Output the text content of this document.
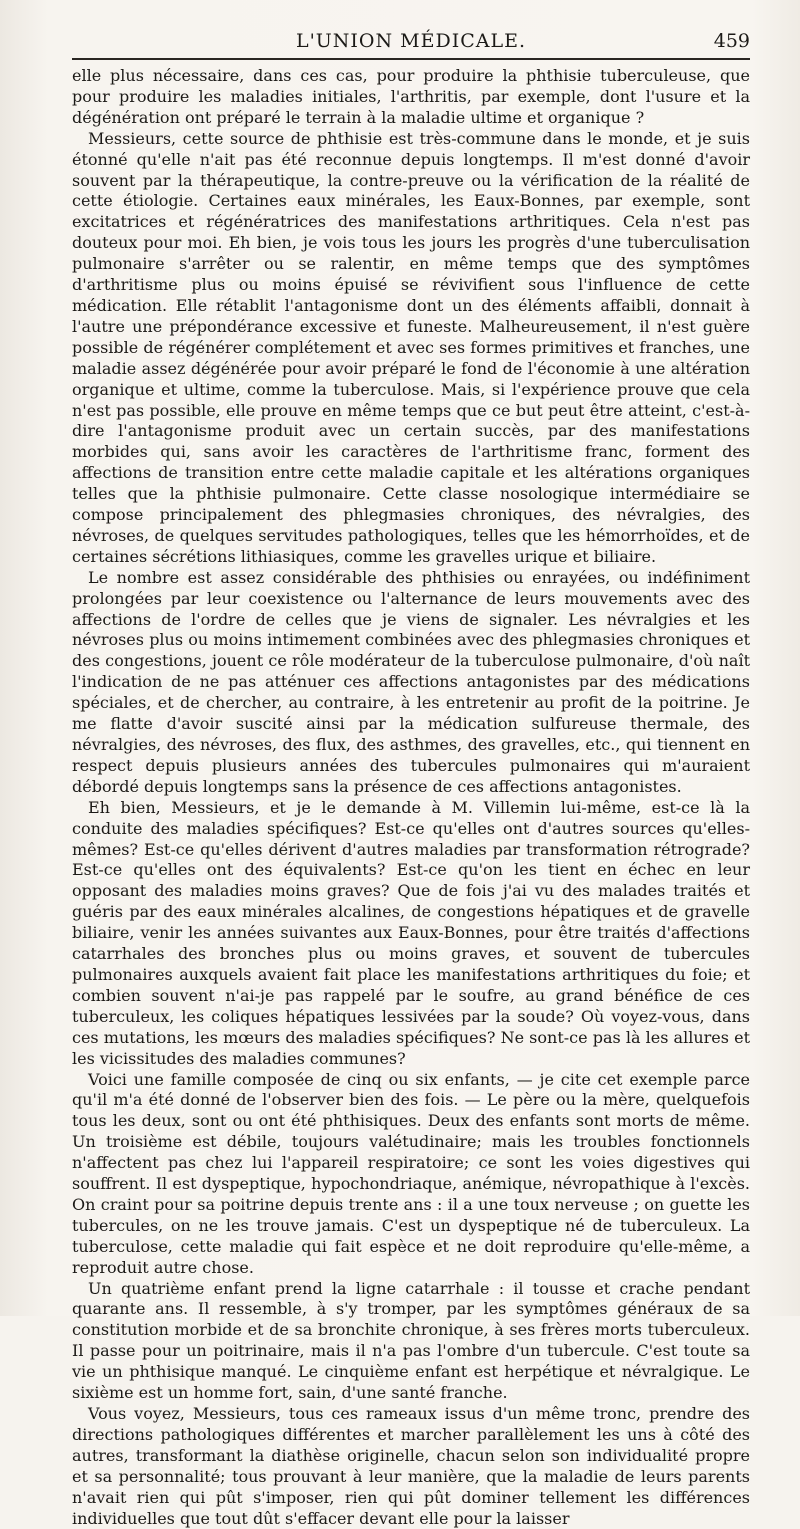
L'UNION MÉDICALE.	459

elle plus nécessaire, dans ces cas, pour produire la phthisie tuberculeuse, que pour produire les maladies initiales, l'arthritis, par exemple, dont l'usure et la dégénération ont préparé le terrain à la maladie ultime et organique ?

Messieurs, cette source de phthisie est très-commune dans le monde, et je suis étonné qu'elle n'ait pas été reconnue depuis longtemps. Il m'est donné d'avoir souvent par la thérapeutique, la contre-preuve ou la vérification de la réalité de cette étiologie. Certaines eaux minérales, les Eaux-Bonnes, par exemple, sont excitatrices et régénératrices des manifestations arthritiques. Cela n'est pas douteux pour moi. Eh bien, je vois tous les jours les progrès d'une tuberculisation pulmonaire s'arrêter ou se ralentir, en même temps que des symptômes d'arthritisme plus ou moins épuisé se révivifient sous l'influence de cette médication. Elle rétablit l'antagonisme dont un des éléments affaibli, donnait à l'autre une prépondérance excessive et funeste. Malheureusement, il n'est guère possible de régénérer complétement et avec ses formes primitives et franches, une maladie assez dégénérée pour avoir préparé le fond de l'économie à une altération organique et ultime, comme la tuberculose. Mais, si l'expérience prouve que cela n'est pas possible, elle prouve en même temps que ce but peut être atteint, c'est-à-dire l'antagonisme produit avec un certain succès, par des manifestations morbides qui, sans avoir les caractères de l'arthritisme franc, forment des affections de transition entre cette maladie capitale et les altérations organiques telles que la phthisie pulmonaire. Cette classe nosologique intermédiaire se compose principalement des phlegmasies chroniques, des névralgies, des névroses, de quelques servitudes pathologiques, telles que les hémorrhoïdes, et de certaines sécrétions lithiasiques, comme les gravelles urique et biliaire.

Le nombre est assez considérable des phthisies ou enrayées, ou indéfiniment prolongées par leur coexistence ou l'alternance de leurs mouvements avec des affections de l'ordre de celles que je viens de signaler. Les névralgies et les névroses plus ou moins intimement combinées avec des phlegmasies chroniques et des congestions, jouent ce rôle modérateur de la tuberculose pulmonaire, d'où naît l'indication de ne pas atténuer ces affections antagonistes par des médications spéciales, et de chercher, au contraire, à les entretenir au profit de la poitrine. Je me flatte d'avoir suscité ainsi par la médication sulfureuse thermale, des névralgies, des névroses, des flux, des asthmes, des gravelles, etc., qui tiennent en respect depuis plusieurs années des tubercules pulmonaires qui m'auraient débordé depuis longtemps sans la présence de ces affections antagonistes.

Eh bien, Messieurs, et je le demande à M. Villemin lui-même, est-ce là la conduite des maladies spécifiques? Est-ce qu'elles ont d'autres sources qu'elles-mêmes? Est-ce qu'elles dérivent d'autres maladies par transformation rétrograde? Est-ce qu'elles ont des équivalents? Est-ce qu'on les tient en échec en leur opposant des maladies moins graves? Que de fois j'ai vu des malades traités et guéris par des eaux minérales alcalines, de congestions hépatiques et de gravelle biliaire, venir les années suivantes aux Eaux-Bonnes, pour être traités d'affections catarrhales des bronches plus ou moins graves, et souvent de tubercules pulmonaires auxquels avaient fait place les manifestations arthritiques du foie; et combien souvent n'ai-je pas rappelé par le soufre, au grand bénéfice de ces tuberculeux, les coliques hépatiques lessivées par la soude? Où voyez-vous, dans ces mutations, les mœurs des maladies spécifiques? Ne sont-ce pas là les allures et les vicissitudes des maladies communes?

Voici une famille composée de cinq ou six enfants, — je cite cet exemple parce qu'il m'a été donné de l'observer bien des fois. — Le père ou la mère, quelquefois tous les deux, sont ou ont été phthisiques. Deux des enfants sont morts de même. Un troisième est débile, toujours valétudinaire; mais les troubles fonctionnels n'affectent pas chez lui l'appareil respiratoire; ce sont les voies digestives qui souffrent. Il est dyspeptique, hypochondriaque, anémique, névropathique à l'excès. On craint pour sa poitrine depuis trente ans : il a une toux nerveuse ; on guette les tubercules, on ne les trouve jamais. C'est un dyspeptique né de tuberculeux. La tuberculose, cette maladie qui fait espèce et ne doit reproduire qu'elle-même, a reproduit autre chose.

Un quatrième enfant prend la ligne catarrhale : il tousse et crache pendant quarante ans. Il ressemble, à s'y tromper, par les symptômes généraux de sa constitution morbide et de sa bronchite chronique, à ses frères morts tuberculeux. Il passe pour un poitrinaire, mais il n'a pas l'ombre d'un tubercule. C'est toute sa vie un phthisique manqué. Le cinquième enfant est herpétique et névralgique. Le sixième est un homme fort, sain, d'une santé franche.

Vous voyez, Messieurs, tous ces rameaux issus d'un même tronc, prendre des directions pathologiques différentes et marcher parallèlement les uns à côté des autres, transformant la diathèse originelle, chacun selon son individualité propre et sa personnalité; tous prouvant à leur manière, que la maladie de leurs parents n'avait rien qui pût s'imposer, rien qui pût dominer tellement les différences individuelles que tout dût s'effacer devant elle pour la laisser
